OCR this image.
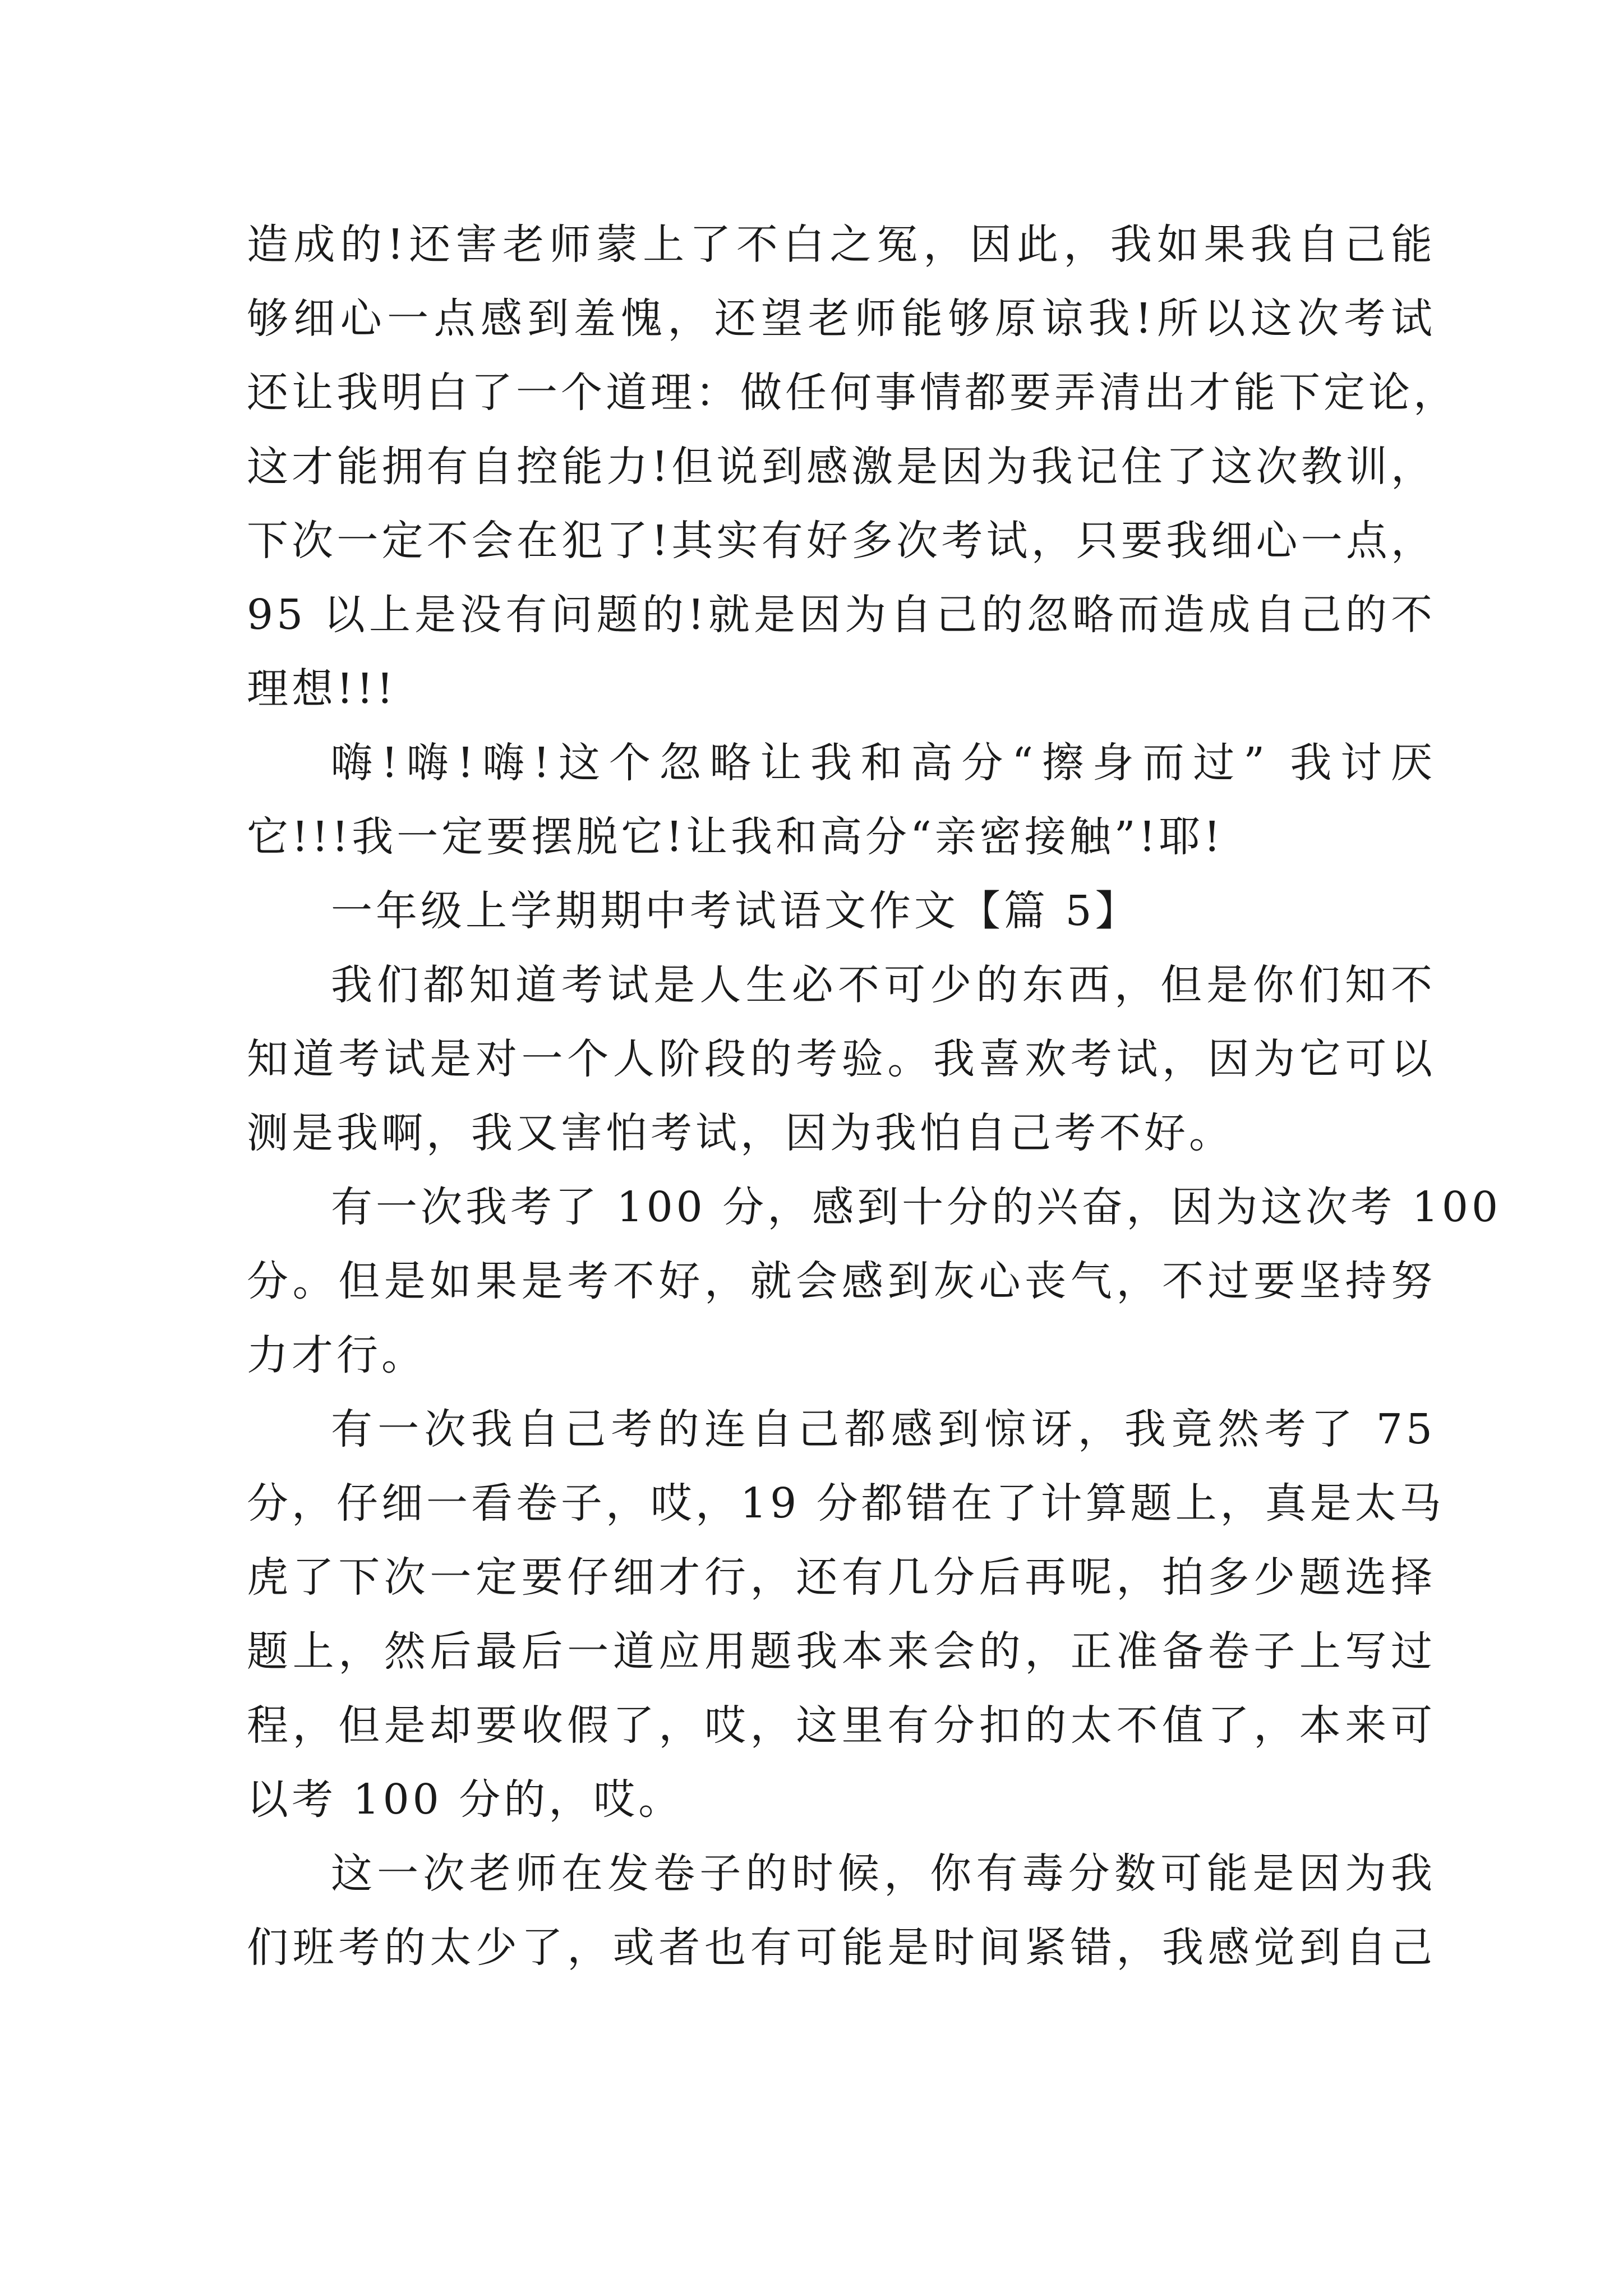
造成的!还害老师蒙上了不白之冤，因此，我如果我自己能
够细心一点感到羞愧，还望老师能够原谅我!所以这次考试
还让我明白了一个道理：做任何事情都要弄清出才能下定论，
这才能拥有自控能力!但说到感激是因为我记住了这次教训，
下次一定不会在犯了!其实有好多次考试，只要我细心一点，
95 以上是没有问题的!就是因为自己的忽略而造成自己的不
理想!!!
嗨!嗨!嗨!这个忽略让我和高分“擦身而过” 我讨厌
它!!!我一定要摆脱它!让我和高分“亲密接触”!耶!
一年级上学期期中考试语文作文【篇 5】
我们都知道考试是人生必不可少的东西，但是你们知不
知道考试是对一个人阶段的考验。我喜欢考试，因为它可以
测是我啊，我又害怕考试，因为我怕自己考不好。
有一次我考了 100 分，感到十分的兴奋，因为这次考 100
分。但是如果是考不好，就会感到灰心丧气，不过要坚持努
力才行。
有一次我自己考的连自己都感到惊讶，我竟然考了 75
分，仔细一看卷子，哎，19 分都错在了计算题上，真是太马
虎了下次一定要仔细才行，还有几分后再呢，拍多少题选择
题上，然后最后一道应用题我本来会的，正准备卷子上写过
程，但是却要收假了，哎，这里有分扣的太不值了，本来可
以考 100 分的，哎。
这一次老师在发卷子的时候，你有毒分数可能是因为我
们班考的太少了，或者也有可能是时间紧错，我感觉到自己
